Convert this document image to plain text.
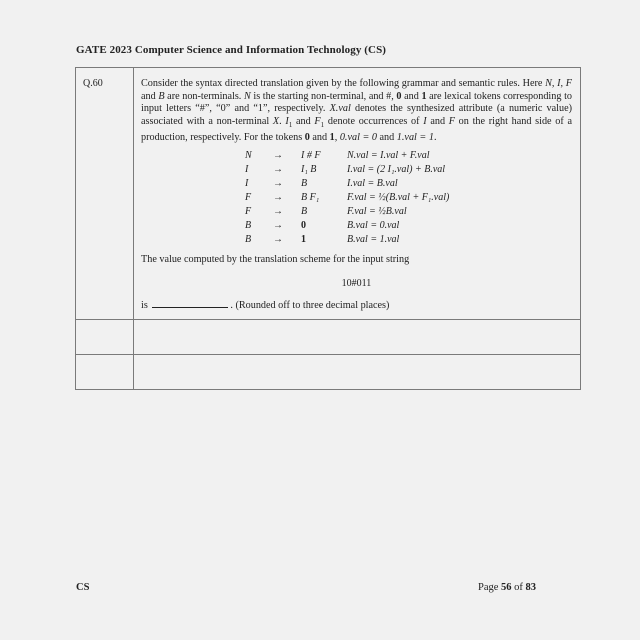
GATE 2023 Computer Science and Information Technology (CS)
Q.60	Consider the syntax directed translation given by the following grammar and semantic rules. Here N, I, F and B are non-terminals. N is the starting non-terminal, and #, 0 and 1 are lexical tokens corresponding to input letters “#”, “0” and “1”, respectively. X.val denotes the synthesized attribute (a numeric value) associated with a non-terminal X. $I_1$ and $F_1$ denote occurrences of I and F on the right hand side of a production, respectively. For the tokens 0 and 1, 0.val = 0 and 1.val = 1.

N	→	I # F	N.val = I.val + F.val
I	→	I₁ B	I.val = (2 I₁.val) + B.val
I	→	B	I.val = B.val
F	→	B F₁	F.val = ½(B.val + F₁.val)
F	→	B	F.val = ½B.val
B	→	0	B.val = 0.val
B	→	1	B.val = 1.val

The value computed by the translation scheme for the input string

10#011

is	. (Rounded off to three decimal places)

CS	Page 56 of 83
